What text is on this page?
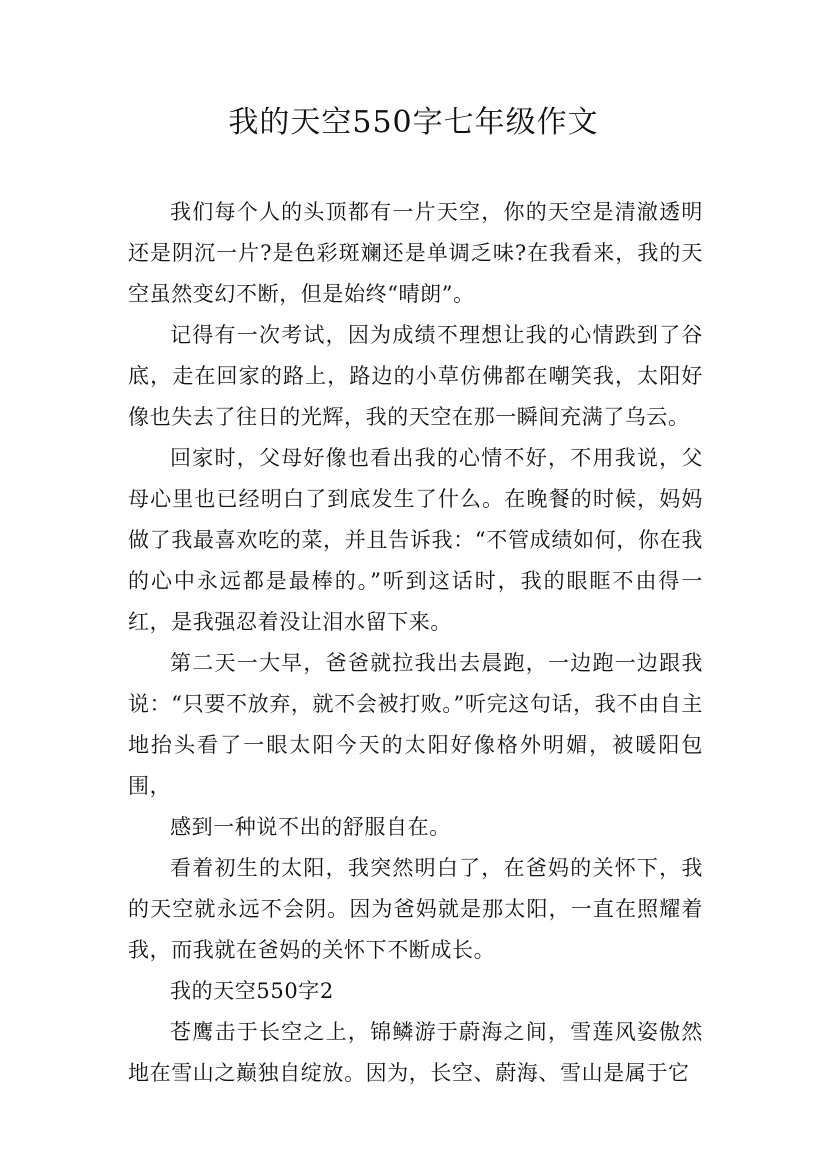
我的天空550字七年级作文

我们每个人的头顶都有一片天空，你的天空是清澈透明还是阴沉一片?是色彩斑斓还是单调乏味?在我看来，我的天空虽然变幻不断，但是始终“晴朗”。

记得有一次考试，因为成绩不理想让我的心情跌到了谷底，走在回家的路上，路边的小草仿佛都在嘲笑我，太阳好像也失去了往日的光辉，我的天空在那一瞬间充满了乌云。

回家时，父母好像也看出我的心情不好，不用我说，父母心里也已经明白了到底发生了什么。在晚餐的时候，妈妈做了我最喜欢吃的菜，并且告诉我：“不管成绩如何，你在我的心中永远都是最棒的。”听到这话时，我的眼眶不由得一红，是我强忍着没让泪水留下来。

第二天一大早，爸爸就拉我出去晨跑，一边跑一边跟我说：“只要不放弃，就不会被打败。”听完这句话，我不由自主地抬头看了一眼太阳今天的太阳好像格外明媚，被暖阳包围，

感到一种说不出的舒服自在。

看着初生的太阳，我突然明白了，在爸妈的关怀下，我的天空就永远不会阴。因为爸妈就是那太阳，一直在照耀着我，而我就在爸妈的关怀下不断成长。

我的天空550字2

苍鹰击于长空之上，锦鳞游于蔚海之间，雪莲风姿傲然地在雪山之巅独自绽放。因为，长空、蔚海、雪山是属于它
